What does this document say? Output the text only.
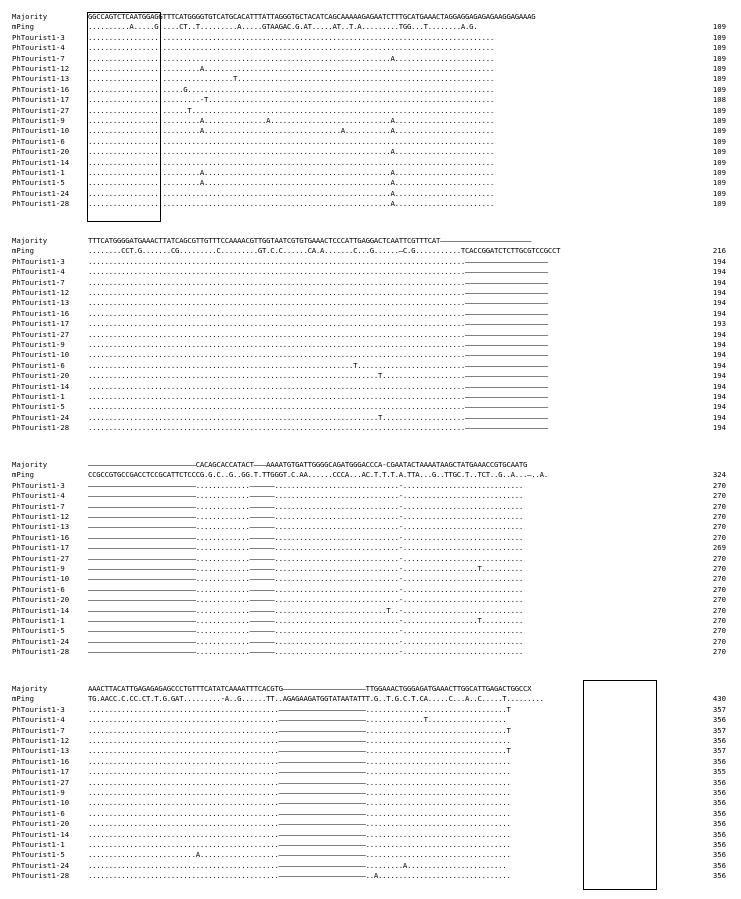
Majority	GGCCAGTCTCAATGGAGGTTTCATGGGGTGTCATGCACATTTATTAGGGTGCTACATCAGCAAAAAGAGAATCTTTGCATGAAACTAGGAGGAGAGAGAAGGAGAAAG
mPing	..........A.....G.....CT..T.........A.....GTAAGAC.G.AT.....AT..T.A.........TGG...T........A.G.	109
PhTourist1-3	..................................................................................................	109
PhTourist1-4	..................................................................................................	109
PhTourist1-7	.........................................................................A........................	109
PhTourist1-12	...........................A......................................................................	109
PhTourist1-13	...................................T..............................................................	109
PhTourist1-16	.......................G..........................................................................	109
PhTourist1-17	...........................-T.....................................................................	108
PhTourist1-27	........................T.........................................................................	109
PhTourist1-9	...........................A...............A.............................A........................	109
PhTourist1-10	...........................A.................................A...........A........................	109
PhTourist1-6	..................................................................................................	109
PhTourist1-20	.........................................................................A........................	109
PhTourist1-14	..................................................................................................	109
PhTourist1-1	...........................A.............................................A........................	109
PhTourist1-5	...........................A.............................................A........................	109
PhTourist1-24	.........................................................................A........................	109
PhTourist1-28	.........................................................................A........................	109
Majority	TTTCATGGGGATGAAACTTATCAGCGTTGTTTCCAAAACGTTGGTAATCGTGTGAAACTCCCATTGAGGACTCAATTCGTTTCAT——————————————————————
mPing	........CCT.G.......CG.........C.........GT.C.C......CA.A.......C...G......—C.G...........TCACCGGATCTCTTGCGTCCGCCT	216
PhTourist1-3	...........................................................................................————————————————————	194
PhTourist1-4	...........................................................................................————————————————————	194
PhTourist1-7	...........................................................................................————————————————————	194
PhTourist1-12	...........................................................................................————————————————————	194
PhTourist1-13	...........................................................................................————————————————————	194
PhTourist1-16	...........................................................................................————————————————————	194
PhTourist1-17	...........................................................................................————————————————————	193
PhTourist1-27	...........................................................................................————————————————————	194
PhTourist1-9	...........................................................................................————————————————————	194
PhTourist1-10	...........................................................................................————————————————————	194
PhTourist1-6	................................................................T..........................————————————————————	194
PhTourist1-20	......................................................................T....................————————————————————	194
PhTourist1-14	...........................................................................................————————————————————	194
PhTourist1-1	...........................................................................................————————————————————	194
PhTourist1-5	...........................................................................................————————————————————	194
PhTourist1-24	......................................................................T....................————————————————————	194
PhTourist1-28	...........................................................................................————————————————————	194
Majority	——————————————————————————CACAGCACCATACT———AAAATGTGATTGGGGCAGATGGGACCCA-CGAATACTAAAATAAGCTATGAAACCGTGCAATG
mPing	CCGCCGTGCCGACCTCCGCATTCTCCCG.G.C..G..GG.T.TTGGGT.C.AA......CCCA...AC.T.T.T.A.TTA...G..TTGC.T..TCT..G..A...—..A.	324
PhTourist1-3	——————————————————————————.............——————..............................-.............................	270
PhTourist1-4	——————————————————————————.............——————..............................-.............................	270
PhTourist1-7	——————————————————————————.............——————..............................-.............................	270
PhTourist1-12	——————————————————————————.............——————..............................-.............................	270
PhTourist1-13	——————————————————————————.............——————..............................-.............................	270
PhTourist1-16	——————————————————————————.............——————..............................-.............................	270
PhTourist1-17	——————————————————————————.............——————..............................-.............................	269
PhTourist1-27	——————————————————————————.............——————..............................-.............................	270
PhTourist1-9	——————————————————————————.............——————..............................-..................T..........	270
PhTourist1-10	——————————————————————————.............——————..............................-.............................	270
PhTourist1-6	——————————————————————————.............——————..............................-.............................	270
PhTourist1-20	——————————————————————————.............——————..............................-.............................	270
PhTourist1-14	——————————————————————————.............——————...........................T..-.............................	270
PhTourist1-1	——————————————————————————.............——————..............................-..................T..........	270
PhTourist1-5	——————————————————————————.............——————..............................-.............................	270
PhTourist1-24	——————————————————————————.............——————..............................-.............................	270
PhTourist1-28	——————————————————————————.............——————..............................-.............................	270
Majority	AAACTTACATTGAGAGAGAGCCCTGTTTCATATCAAAATTTCACGTG————————————————————TTGGAAACTGGGAGATGAAACTTGGCATTGAGACTGGCCX
mPing	TG.AACC.C.CC.CT.T.G.GAT.........-A..G......TT..AGAGAAGATGGTATAATATTT.G..T.G.C.T.CA.....C...A..C.....T.........	430
PhTourist1-3	..............................................—————————————————————..................................T	357
PhTourist1-4	..............................................—————————————————————..............T...................	356
PhTourist1-7	..............................................—————————————————————..................................T	357
PhTourist1-12	..............................................—————————————————————...................................	356
PhTourist1-13	..............................................—————————————————————..................................T	357
PhTourist1-16	..............................................—————————————————————...................................	356
PhTourist1-17	..............................................—————————————————————...................................	355
PhTourist1-27	..............................................—————————————————————...................................	356
PhTourist1-9	..............................................—————————————————————...................................	356
PhTourist1-10	..............................................—————————————————————...................................	356
PhTourist1-6	..............................................—————————————————————...................................	356
PhTourist1-20	..............................................—————————————————————...................................	356
PhTourist1-14	..............................................—————————————————————...................................	356
PhTourist1-1	..............................................—————————————————————...................................	356
PhTourist1-5	..........................A...................—————————————————————...................................	356
PhTourist1-24	..............................................—————————————————————.........A........................	356
PhTourist1-28	..............................................—————————————————————..A................................	356
